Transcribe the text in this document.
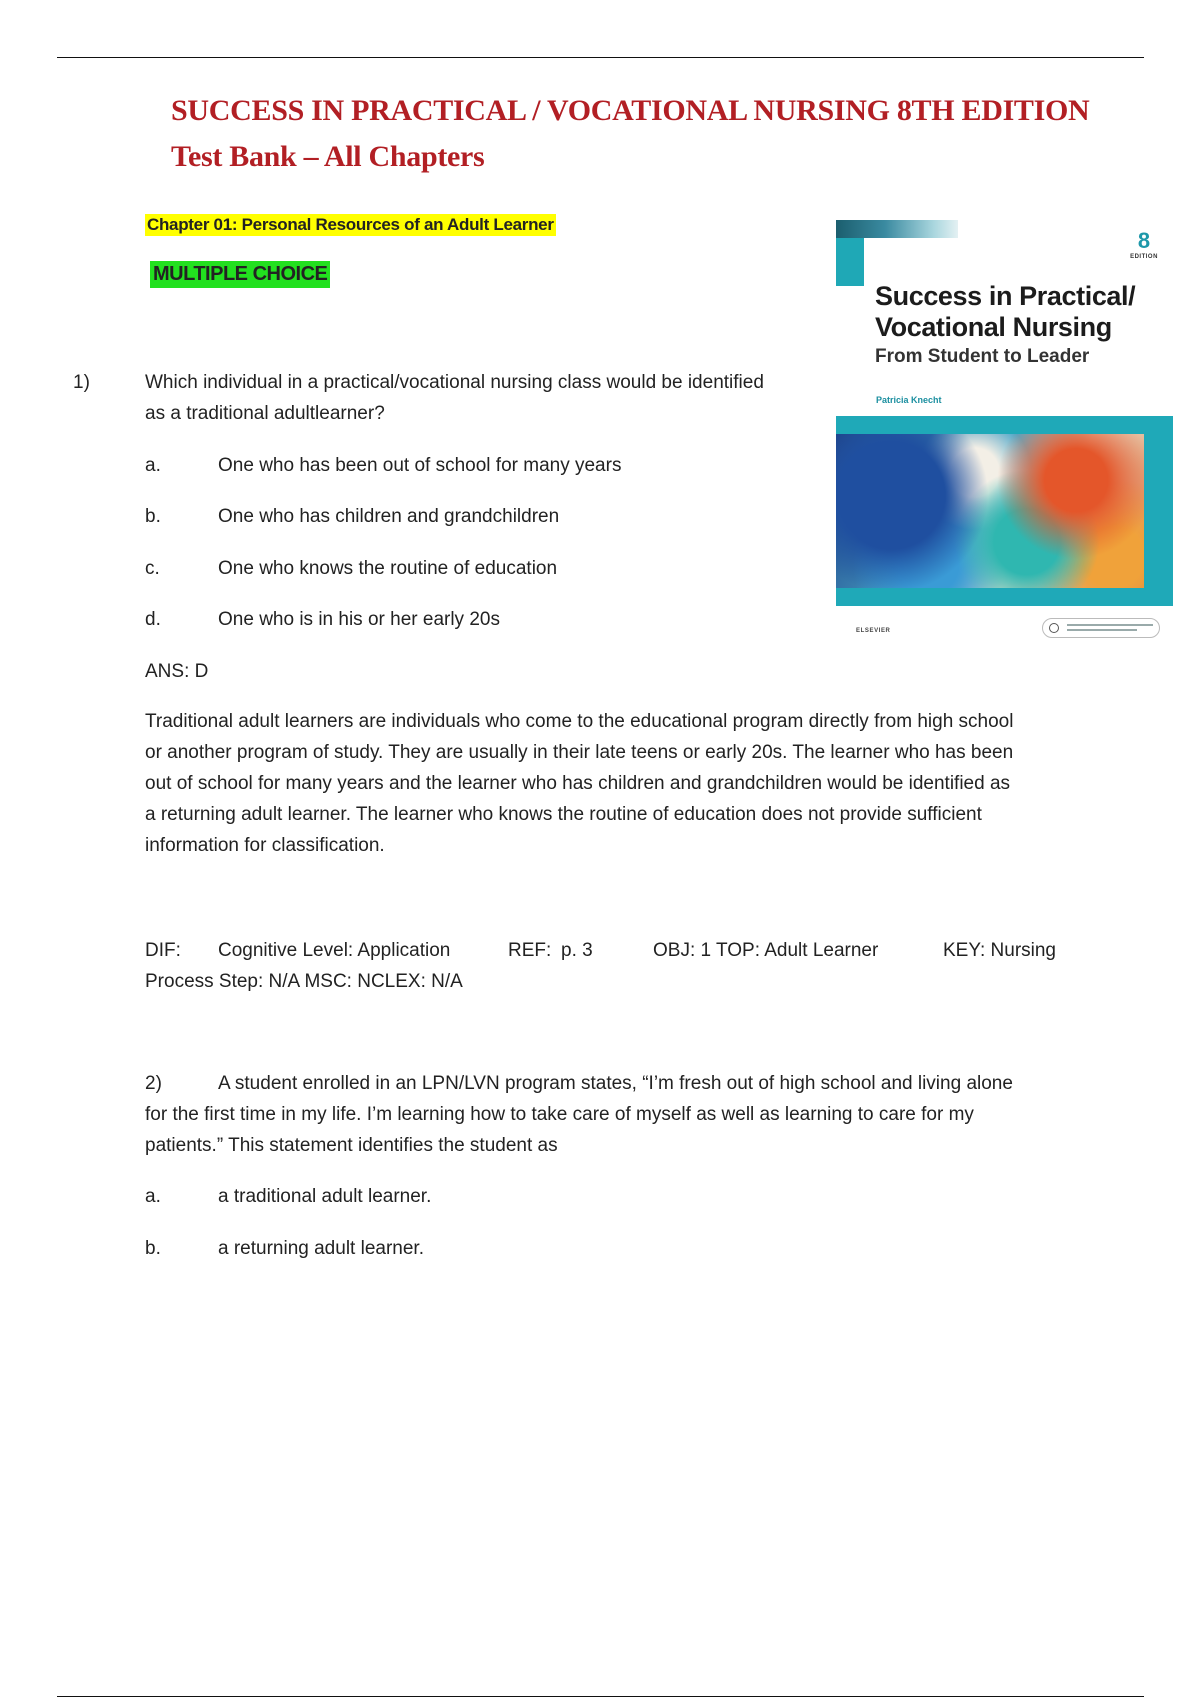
SUCCESS IN PRACTICAL / VOCATIONAL NURSING 8TH EDITION
Test Bank – All Chapters
Chapter 01: Personal Resources of an Adult Learner
MULTIPLE CHOICE
8
EDITION
Success in Practical/
Vocational Nursing
From Student to Leader
Patricia Knecht
ELSEVIER
1)	Which individual in a practical/vocational nursing class would be identified
as a traditional adultlearner?
a.	One who has been out of school for many years
b.	One who has children and grandchildren
c.	One who knows the routine of education
d.	One who is in his or her early 20s
ANS: D
Traditional adult learners are individuals who come to the educational program directly from high school
or another program of study. They are usually in their late teens or early 20s. The learner who has been
out of school for many years and the learner who has children and grandchildren would be identified as
a returning adult learner. The learner who knows the routine of education does not provide sufficient
information for classification.
DIF: Cognitive Level: Application	REF: p. 3	OBJ: 1 TOP: Adult Learner	KEY: Nursing
Process Step: N/A MSC: NCLEX: N/A
2)	A student enrolled in an LPN/LVN program states, “I’m fresh out of high school and living alone
for the first time in my life. I’m learning how to take care of myself as well as learning to care for my
patients.” This statement identifies the student as
a.	a traditional adult learner.
b.	a returning adult learner.
